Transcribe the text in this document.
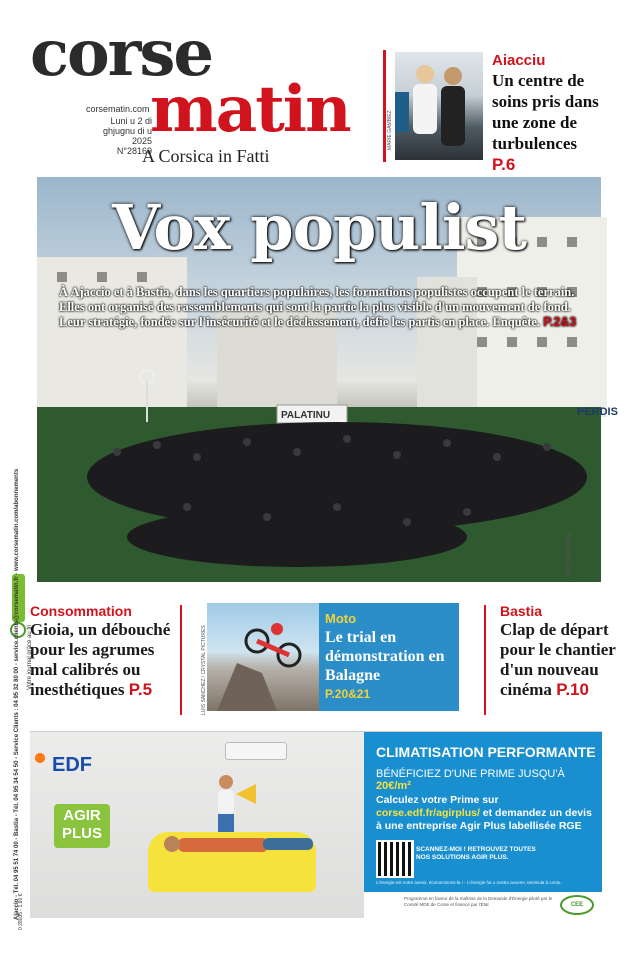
corse
matin
corsematin.com
Luni u 2 di ghjugnu di u 2025
N°28169
A Corsica in Fatti
MARIE GAMBIEZ
Aiacciu
Un centre de soins pris dans une zone de turbulences
P.6
PALATINU	PERDIS
Vox populist
À Ajaccio et à Bastia, dans les quartiers populaires, les formations populistes occupent le terrain. Elles ont organisé des rassemblements qui sont la partie la plus visible d'un mouvement de fond. Leur stratégie, fondée sur l'insécurité et le déclassement, défie les partis en place. Enquête. P.2&3
CHRISTIAN BUFFA
Votre journal grâce au tri
Consommation
Gioia, un débouché pour les agrumes mal calibrés ou inesthétiques P.5
Moto
Le trial en démonstration en Balagne
P.20&21
LUIS SANCHEZ / CRYSTAL PICTURES
Bastia
Clap de départ pour le chantier d'un nouveau cinéma P.10
EDF
AGIR PLUS
CLIMATISATION PERFORMANTE
BÉNÉFICIEZ D'UNE PRIME JUSQU'À 20€/m²
Calculez votre Prime sur corse.edf.fr/agirplus/ et demandez un devis à une entreprise Agir Plus labellisée RGE
SCANNEZ-MOI ! RETROUVEZ TOUTES NOS SOLUTIONS AGIR PLUS.
L'énergie est notre avenir, économisons-la ! - L'énergie ha u nostru avvene, tenimula à contu.
Programme en faveur de la maîtrise de la Demande d'Énergie piloté par le Comité MDE de Corse et financé par l'État	CEE
Ajaccio - Tél. 04 95 51 74 00 - Bastia - Tél. 04 95 34 54 50 - Service Clients : 04 95 32 80 00 - service.clients@corsematin.fr - www.corsematin.com/abonnements
0 28035 - 1,60 €
